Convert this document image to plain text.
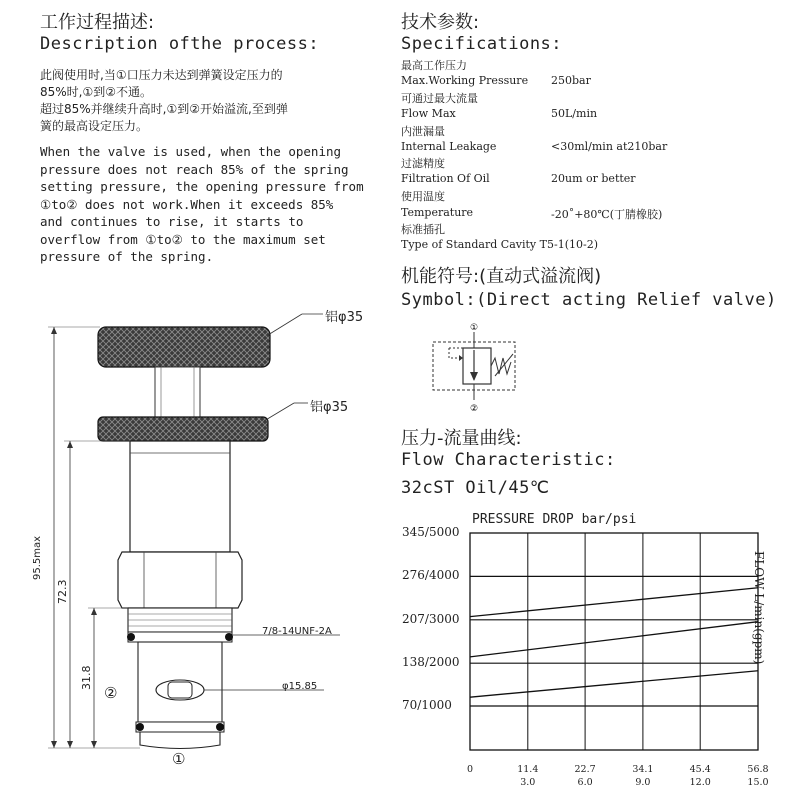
工作过程描述:
Description ofthe process:
此阀使用时,当①口压力未达到弹簧设定压力的
85%时,①到②不通。
超过85%并继续升高时,①到②开始溢流,至到弹
簧的最高设定压力。
When the valve is used, when the opening
pressure does not reach 85% of the spring
setting pressure, the opening pressure from
①to② does not work.When it exceeds 85%
and continues to rise, it starts to
overflow from ①to② to the maximum set
pressure of the spring.
技术参数:
Specifications:
最高工作压力
Max.Working Pressure 250bar
可通过最大流量
Flow Max	50L/min
内泄漏量
Internal Leakage	<30ml/min at210bar
过滤精度
Filtration Of Oil	20um or better
使用温度
Temperature	-20˚+80℃(丁腈橡胶)
标准插孔
Type of Standard Cavity T5-1(10-2)
机能符号:(直动式溢流阀)
Symbol:(Direct acting Relief valve)
①
②
压力-流量曲线:
Flow Characteristic:
32cST Oil/45℃
PRESSURE DROP bar/psi
345/5000
276/4000
207/3000
138/2000
70/1000
0	11.4
3.0
22.7
6.0
34.1
9.0
45.4
12.0
56.8
15.0
FLOW L/min(gpm)
铝φ35
铝φ35
7/8-14UNF-2A
φ15.85
②
①
95.5max
72.3
31.8
